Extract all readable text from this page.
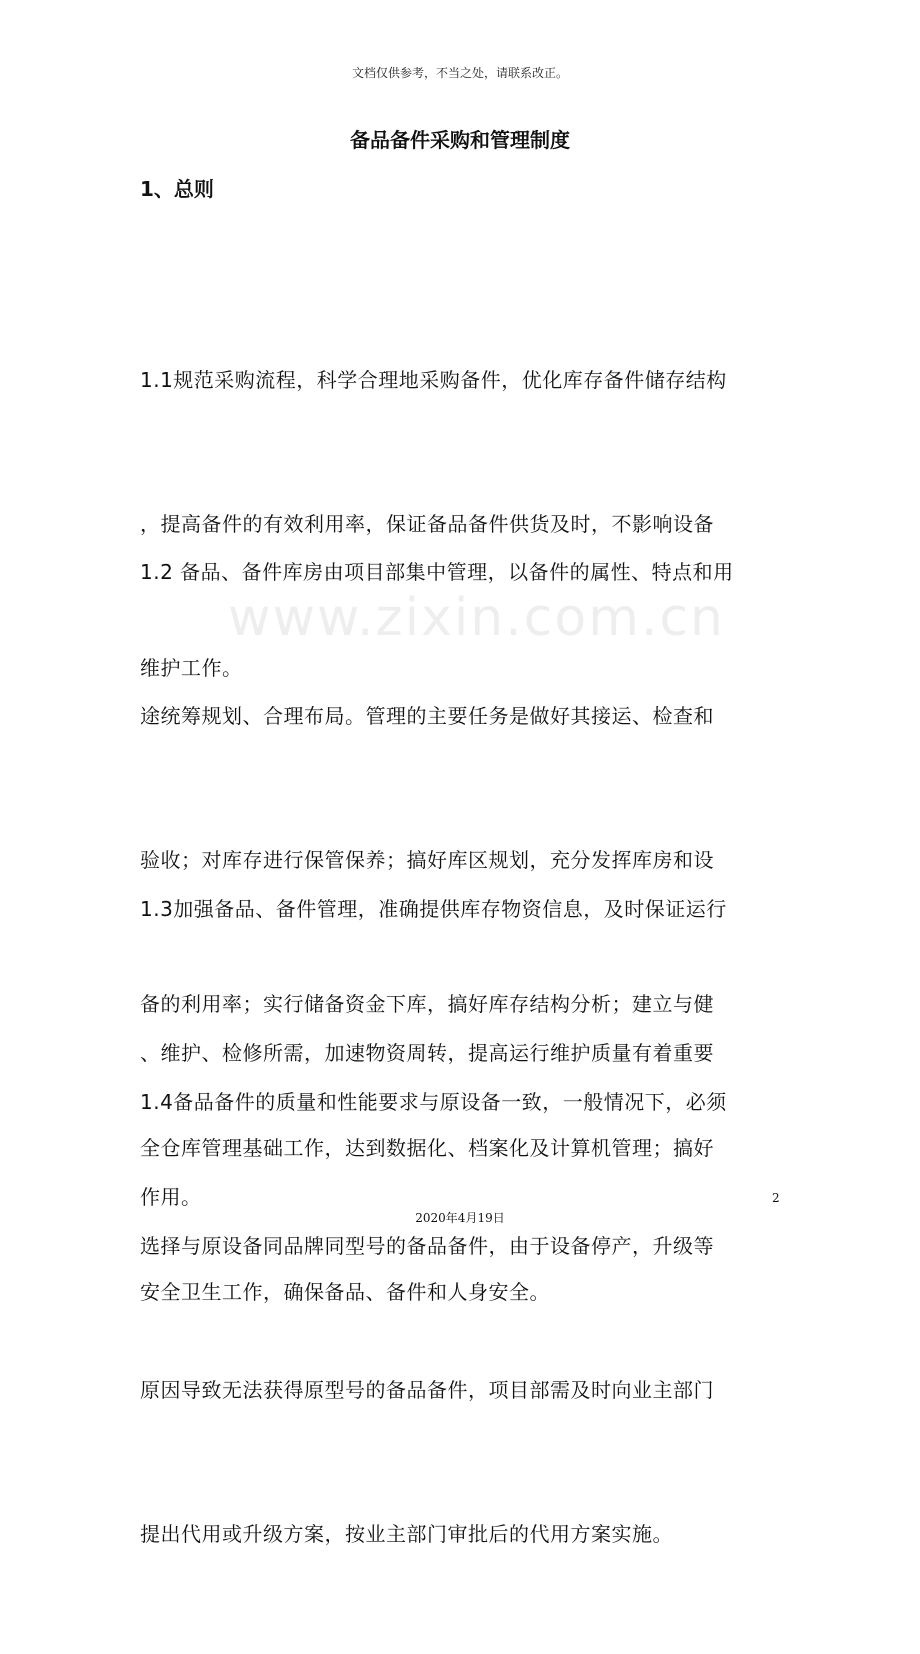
文档仅供参考，不当之处，请联系改正。
备品备件采购和管理制度
1、总则

1.1规范采购流程，科学合理地采购备件，优化库存备件储存结构

，提高备件的有效利用率，保证备品备件供货及时，不影响设备

维护工作。

1.2 备品、备件库房由项目部集中管理，以备件的属性、特点和用

途统筹规划、合理布局。管理的主要任务是做好其接运、检查和

验收；对库存进行保管保养；搞好库区规划，充分发挥库房和设

备的利用率；实行储备资金下库，搞好库存结构分析；建立与健

全仓库管理基础工作，达到数据化、档案化及计算机管理；搞好

安全卫生工作，确保备品、备件和人身安全。

1.3加强备品、备件管理，准确提供库存物资信息，及时保证运行

、维护、检修所需，加速物资周转，提高运行维护质量有着重要

作用。

1.4备品备件的质量和性能要求与原设备一致，一般情况下，必须

选择与原设备同品牌同型号的备品备件，由于设备停产，升级等

原因导致无法获得原型号的备品备件，项目部需及时向业主部门

提出代用或升级方案，按业主部门审批后的代用方案实施。

www.zixin.com.cn
2
2020年4月19日
